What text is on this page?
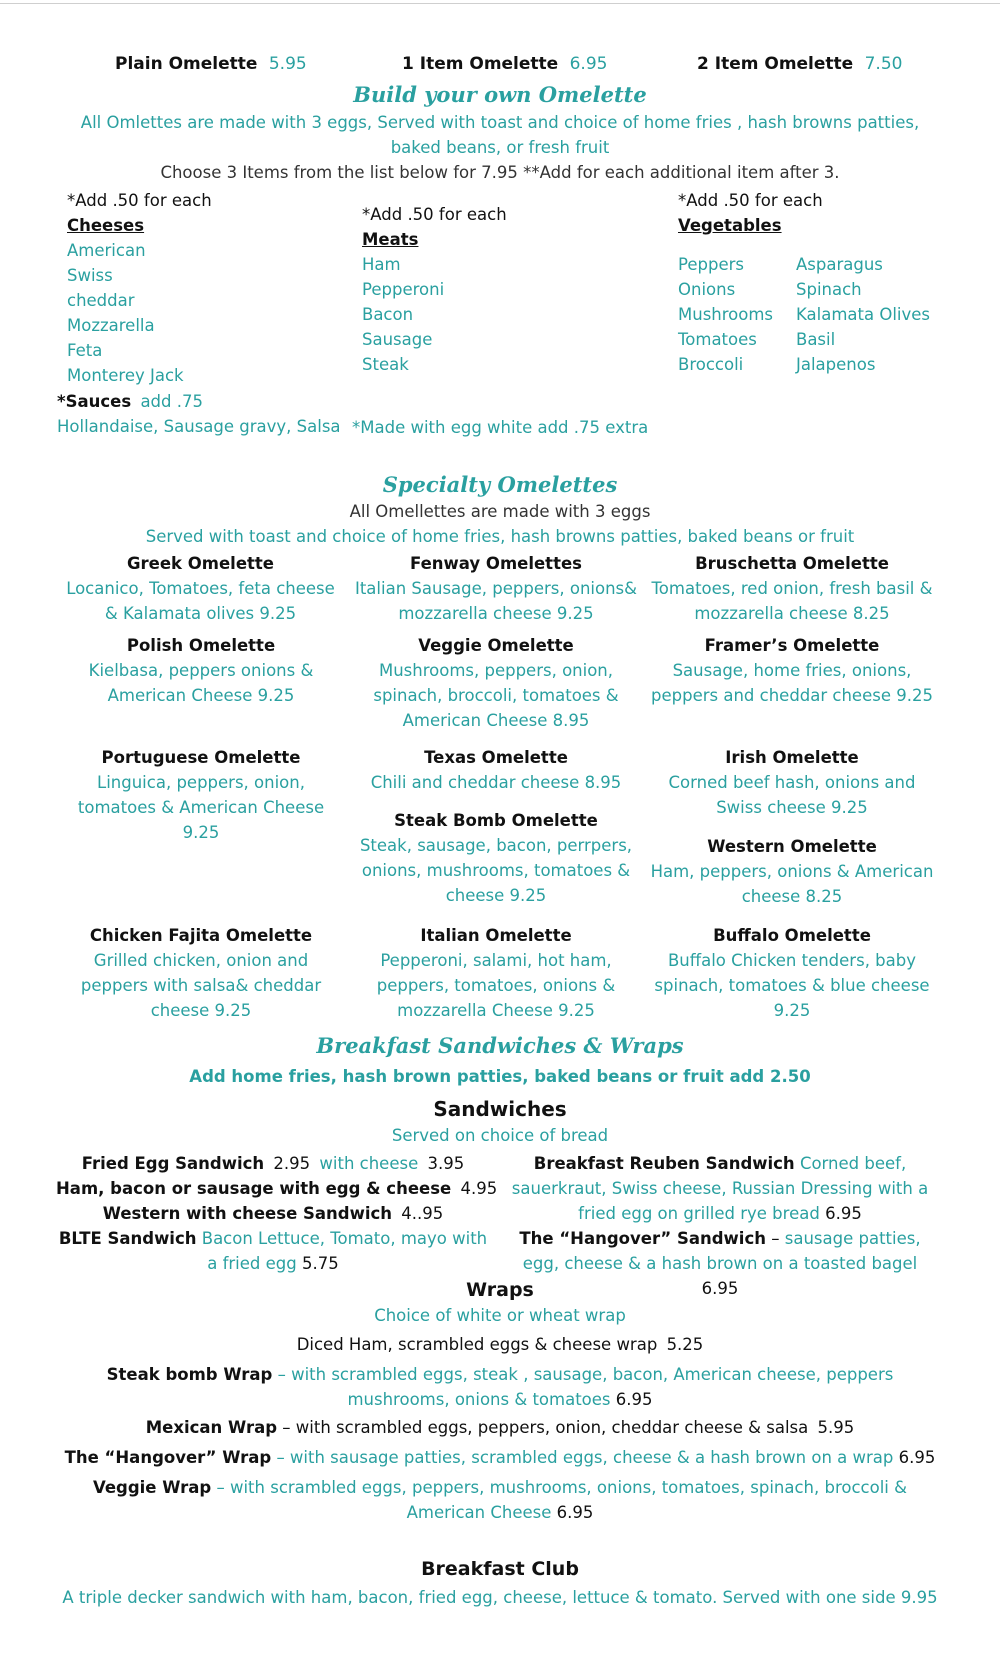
Plain Omelette 5.95	1 Item Omelette 6.95	2 Item Omelette 7.50
Build your own Omelette
All Omlettes are made with 3 eggs, Served with toast and choice of home fries , hash browns patties,
baked beans, or fresh fruit
Choose 3 Items from the list below for 7.95 **Add for each additional item after 3.
*Add .50 for each
Cheeses
American
Swiss
cheddar
Mozzarella
Feta
Monterey Jack
*Add .50 for each
Meats
Ham
Pepperoni
Bacon
Sausage
Steak
*Add .50 for each
Vegetables
Peppers
Onions
Mushrooms
Tomatoes
Broccoli
Asparagus
Spinach
Kalamata Olives
Basil
Jalapenos
*Sauces add .75
Hollandaise, Sausage gravy, Salsa *Made with egg white add .75 extra
Specialty Omelettes
All Omellettes are made with 3 eggs
Served with toast and choice of home fries, hash browns patties, baked beans or fruit
Greek Omelette
Locanico, Tomatoes, feta cheese & Kalamata olives 9.25
Fenway Omelettes
Italian Sausage, peppers, onions& mozzarella cheese 9.25
Bruschetta Omelette
Tomatoes, red onion, fresh basil & mozzarella cheese 8.25
Polish Omelette
Kielbasa, peppers onions & American Cheese 9.25
Veggie Omelette
Mushrooms, peppers, onion, spinach, broccoli, tomatoes & American Cheese 8.95
Framer’s Omelette
Sausage, home fries, onions, peppers and cheddar cheese 9.25
Portuguese Omelette
Linguica, peppers, onion, tomatoes & American Cheese 9.25
Texas Omelette
Chili and cheddar cheese 8.95
Irish Omelette
Corned beef hash, onions and Swiss cheese 9.25
Steak Bomb Omelette
Steak, sausage, bacon, perrpers, onions, mushrooms, tomatoes & cheese 9.25
Western Omelette
Ham, peppers, onions & American cheese 8.25
Chicken Fajita Omelette
Grilled chicken, onion and peppers with salsa& cheddar cheese 9.25
Italian Omelette
Pepperoni, salami, hot ham, peppers, tomatoes, onions & mozzarella Cheese 9.25
Buffalo Omelette
Buffalo Chicken tenders, baby spinach, tomatoes & blue cheese 9.25
Breakfast Sandwiches & Wraps
Add home fries, hash brown patties, baked beans or fruit add 2.50
Sandwiches
Served on choice of bread
Fried Egg Sandwich 2.95 with cheese 3.95
Ham, bacon or sausage with egg & cheese 4.95
Western with cheese Sandwich 4..95
BLTE Sandwich Bacon Lettuce, Tomato, mayo with a fried egg 5.75
Breakfast Reuben Sandwich Corned beef, sauerkraut, Swiss cheese, Russian Dressing with a fried egg on grilled rye bread 6.95
The “Hangover” Sandwich – sausage patties, egg, cheese & a hash brown on a toasted bagel 6.95
Wraps
Choice of white or wheat wrap
Diced Ham, scrambled eggs & cheese wrap 5.25
Steak bomb Wrap – with scrambled eggs, steak , sausage, bacon, American cheese, peppers mushrooms, onions & tomatoes 6.95
Mexican Wrap – with scrambled eggs, peppers, onion, cheddar cheese & salsa 5.95
The “Hangover” Wrap – with sausage patties, scrambled eggs, cheese & a hash brown on a wrap 6.95
Veggie Wrap – with scrambled eggs, peppers, mushrooms, onions, tomatoes, spinach, broccoli & American Cheese 6.95
Breakfast Club
A triple decker sandwich with ham, bacon, fried egg, cheese, lettuce & tomato. Served with one side 9.95
